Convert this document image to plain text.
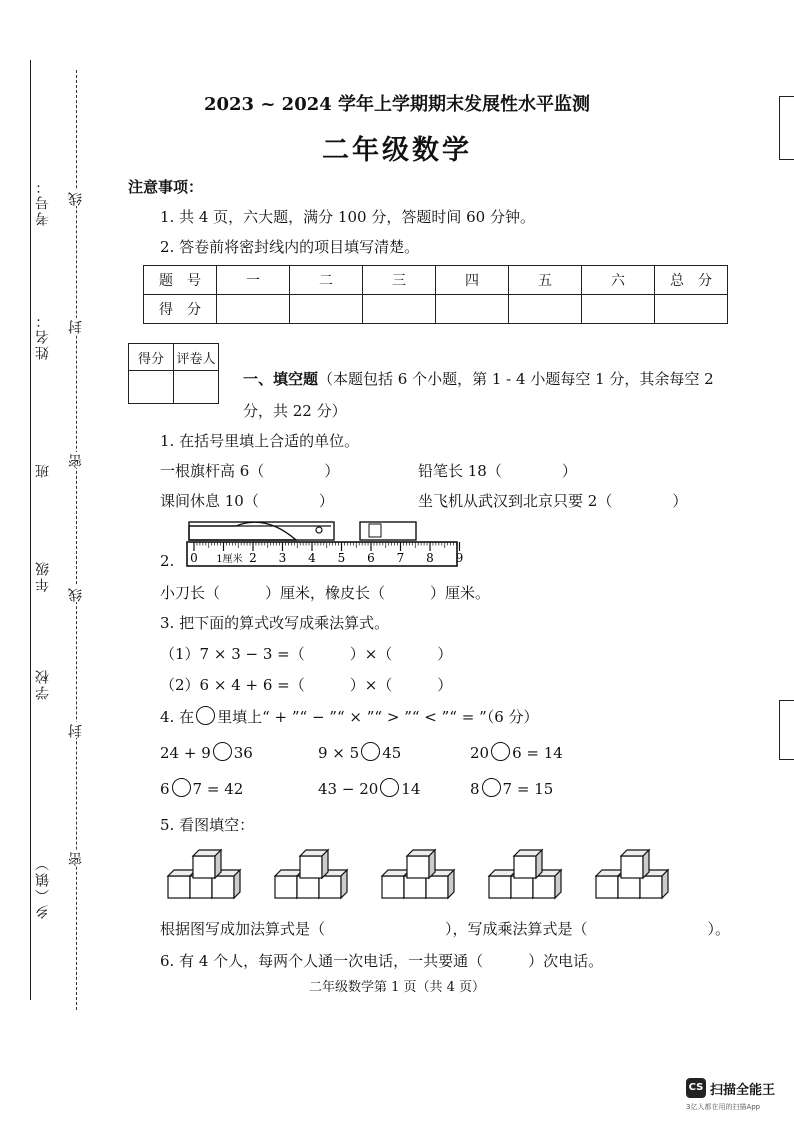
考号：
姓名：
班
年级
学校
乡（镇）
线
封
密
线
封
密
2023 ~ 2024 学年上学期期末发展性水平监测
二年级数学
注意事项：
1. 共 4 页，六大题，满分 100 分，答题时间 60 分钟。
2. 答卷前将密封线内的项目填写清楚。
题　号	一	二	三	四	五	六	总　分
得　分							
得分	评卷人

一、填空题（本题包括 6 个小题，第 1 - 4 小题每空 1 分，其余每空 2
分，共 22 分）
1. 在括号里填上合适的单位。
一根旗杆高 6（　　　　）	铅笔长 18（　　　　）
课间休息 10（　　　　）	坐飞机从武汉到北京只要 2（　　　　）
2. 0 1厘米 2 3 4 5 6 7 8 9
小刀长（　　　）厘米，橡皮长（　　　）厘米。
3. 把下面的算式改写成乘法算式。
（1）7 × 3 − 3 =（　　　）×（　　　）
（2）6 × 4 + 6 =（　　　）×（　　　）
4. 在 里填上“ + ”“ − ”“ × ”“ > ”“ < ”“ = ”（6 分）
24 + 9 36	9 × 5 45	20 6 = 14
6 7 = 42	43 − 20 14	8 7 = 15
5. 看图填空：
根据图写成加法算式是（　　　　　　　　），写成乘法算式是（　　　　　　　　）。
6. 有 4 个人，每两个人通一次电话，一共要通（　　　）次电话。
二年级数学第 1 页（共 4 页）
CS 扫描全能王
3亿人都在用的扫描App
